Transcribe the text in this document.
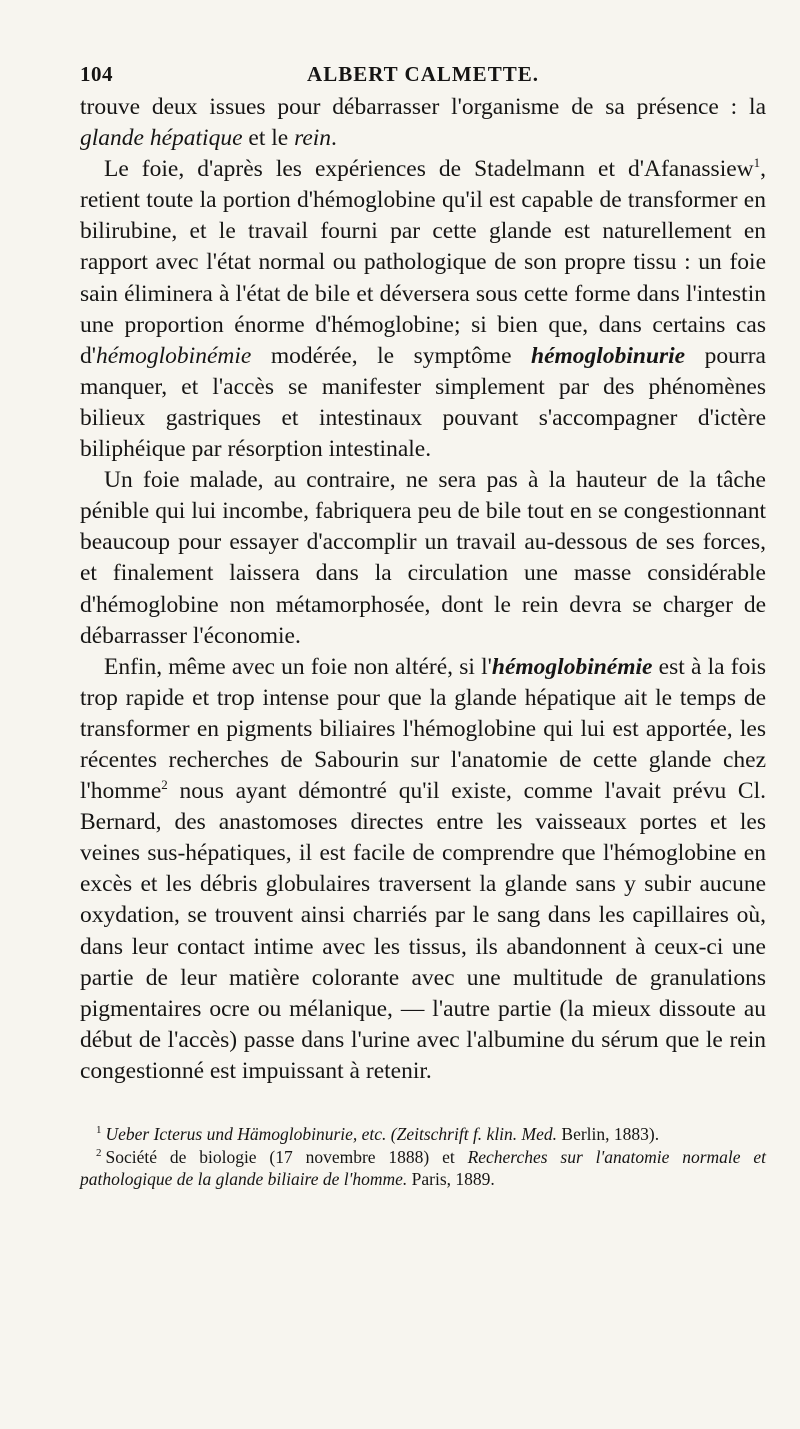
104	ALBERT CALMETTE.

trouve deux issues pour débarrasser l'organisme de sa présence : la glande hépatique et le rein.

Le foie, d'après les expériences de Stadelmann et d'Afanassiew$^1$, retient toute la portion d'hémoglobine qu'il est capable de transformer en bilirubine, et le travail fourni par cette glande est naturellement en rapport avec l'état normal ou pathologique de son propre tissu : un foie sain éliminera à l'état de bile et déversera sous cette forme dans l'intestin une proportion énorme d'hémoglobine; si bien que, dans certains cas d'hémoglobinémie modérée, le symptôme hémoglobinurie pourra manquer, et l'accès se manifester simplement par des phénomènes bilieux gastriques et intestinaux pouvant s'accompagner d'ictère biliphéique par résorption intestinale.

Un foie malade, au contraire, ne sera pas à la hauteur de la tâche pénible qui lui incombe, fabriquera peu de bile tout en se congestionnant beaucoup pour essayer d'accomplir un travail au-dessous de ses forces, et finalement laissera dans la circulation une masse considérable d'hémoglobine non métamorphosée, dont le rein devra se charger de débarrasser l'économie.

Enfin, même avec un foie non altéré, si l'hémoglobinémie est à la fois trop rapide et trop intense pour que la glande hépatique ait le temps de transformer en pigments biliaires l'hémoglobine qui lui est apportée, les récentes recherches de Sabourin sur l'anatomie de cette glande chez l'homme$^2$ nous ayant démontré qu'il existe, comme l'avait prévu Cl. Bernard, des anastomoses directes entre les vaisseaux portes et les veines sus-hépatiques, il est facile de comprendre que l'hémoglobine en excès et les débris globulaires traversent la glande sans y subir aucune oxydation, se trouvent ainsi charriés par le sang dans les capillaires où, dans leur contact intime avec les tissus, ils abandonnent à ceux-ci une partie de leur matière colorante avec une multitude de granulations pigmentaires ocre ou mélanique, — l'autre partie (la mieux dissoute au début de l'accès) passe dans l'urine avec l'albumine du sérum que le rein congestionné est impuissant à retenir.

$^1$ Ueber Icterus und Hämoglobinurie, etc. (Zeitschrift f. klin. Med. Berlin, 1883).

$^2$ Société de biologie (17 novembre 1888) et Recherches sur l'anatomie normale et pathologique de la glande biliaire de l'homme. Paris, 1889.
